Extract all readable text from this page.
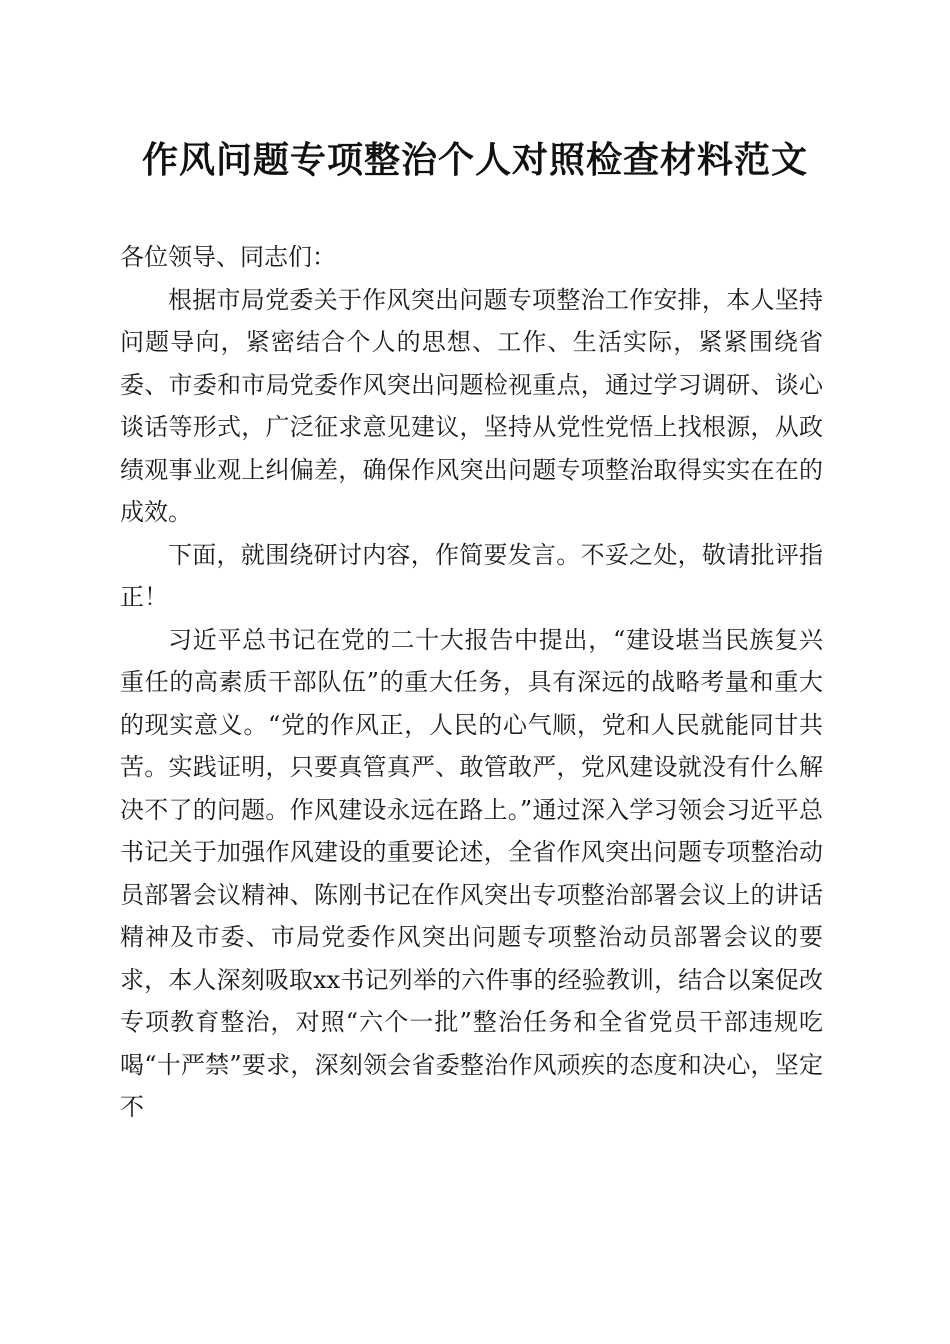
作风问题专项整治个人对照检查材料范文

各位领导、同志们：

根据市局党委关于作风突出问题专项整治工作安排，本人坚持问题导向，紧密结合个人的思想、工作、生活实际，紧紧围绕省委、市委和市局党委作风突出问题检视重点，通过学习调研、谈心谈话等形式，广泛征求意见建议，坚持从党性党悟上找根源，从政绩观事业观上纠偏差，确保作风突出问题专项整治取得实实在在的成效。

下面，就围绕研讨内容，作简要发言。不妥之处，敬请批评指正！

习近平总书记在党的二十大报告中提出，“建设堪当民族复兴重任的高素质干部队伍”的重大任务，具有深远的战略考量和重大的现实意义。“党的作风正，人民的心气顺，党和人民就能同甘共苦。实践证明，只要真管真严、敢管敢严，党风建设就没有什么解决不了的问题。作风建设永远在路上。”通过深入学习领会习近平总书记关于加强作风建设的重要论述，全省作风突出问题专项整治动员部署会议精神、陈刚书记在作风突出专项整治部署会议上的讲话精神及市委、市局党委作风突出问题专项整治动员部署会议的要求，本人深刻吸取xx书记列举的六件事的经验教训，结合以案促改专项教育整治，对照“六个一批”整治任务和全省党员干部违规吃喝“十严禁”要求，深刻领会省委整治作风顽疾的态度和决心，坚定不
